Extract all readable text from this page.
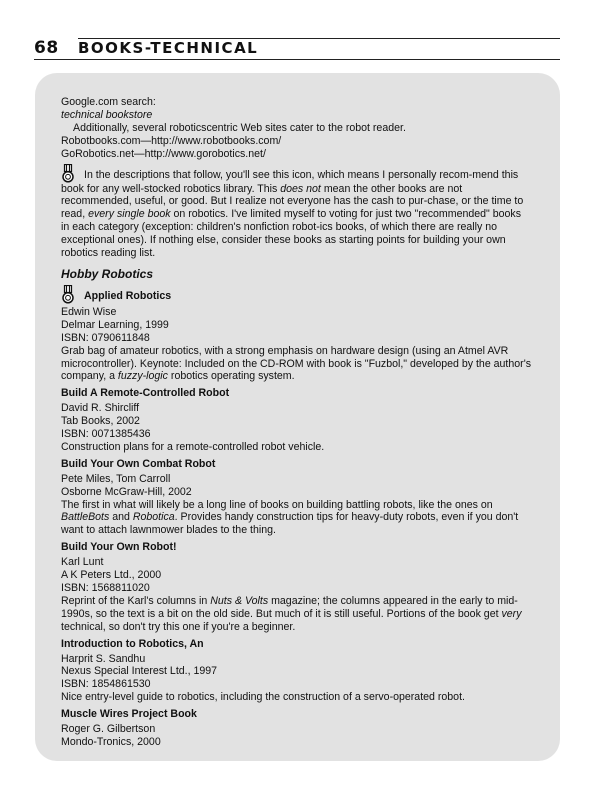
68 BOOKS-TECHNICAL

Google.com search:

technical bookstore

Additionally, several roboticscentric Web sites cater to the robot reader.

Robotbooks.com—http://www.robotbooks.com/

GoRobotics.net—http://www.gorobotics.net/

In the descriptions that follow, you'll see this icon, which means I personally recom-mend this book for any well-stocked robotics library. This does not mean the other books are not recommended, useful, or good. But I realize not everyone has the cash to pur-chase, or the time to read, every single book on robotics. I've limited myself to voting for just two "recommended" books in each category (exception: children's nonfiction robot-ics books, of which there are really no exceptional ones). If nothing else, consider these books as starting points for building your own robotics reading list.

Hobby Robotics

Applied Robotics

Edwin Wise

Delmar Learning, 1999

ISBN: 0790611848

Grab bag of amateur robotics, with a strong emphasis on hardware design (using an Atmel AVR microcontroller). Keynote: Included on the CD-ROM with book is "Fuzbol," developed by the author's company, a fuzzy-logic robotics operating system.

Build A Remote-Controlled Robot

David R. Shircliff

Tab Books, 2002

ISBN: 0071385436

Construction plans for a remote-controlled robot vehicle.

Build Your Own Combat Robot

Pete Miles, Tom Carroll

Osborne McGraw-Hill, 2002

The first in what will likely be a long line of books on building battling robots, like the ones on BattleBots and Robotica. Provides handy construction tips for heavy-duty robots, even if you don't want to attach lawnmower blades to the thing.

Build Your Own Robot!

Karl Lunt

A K Peters Ltd., 2000

ISBN: 1568811020

Reprint of the Karl's columns in Nuts & Volts magazine; the columns appeared in the early to mid-1990s, so the text is a bit on the old side. But much of it is still useful. Portions of the book get very technical, so don't try this one if you're a beginner.

Introduction to Robotics, An

Harprit S. Sandhu

Nexus Special Interest Ltd., 1997

ISBN: 1854861530

Nice entry-level guide to robotics, including the construction of a servo-operated robot.

Muscle Wires Project Book

Roger G. Gilbertson

Mondo-Tronics, 2000
